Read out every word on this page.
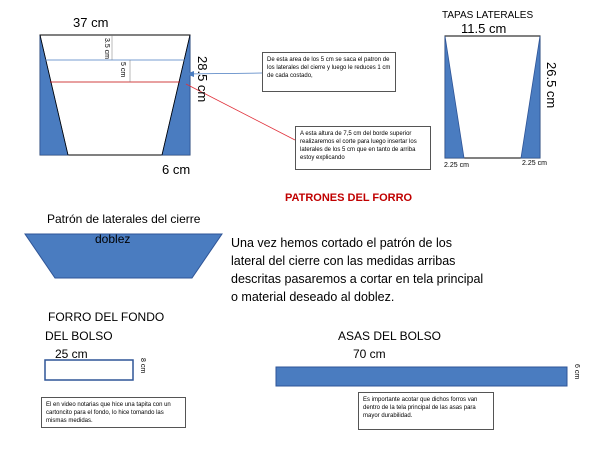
37 cm
28.5 cm
6 cm
3.5 cm
5 cm
TAPAS LATERALES
11.5 cm
26.5 cm
2.25 cm	2.25 cm
De esta area de los 5 cm se saca el patron de los laterales del cierre y luego le reduces 1 cm de cada costado,
A esta altura de 7,5 cm del borde superior realizaremos el corte para luego insertar los laterales de los 5 cm que en tanto de arriba estoy explicando
PATRONES DEL FORRO
Patrón de laterales del cierre
doblez	Una vez hemos cortado el patrón de los lateral del cierre con las medidas arribas descritas pasaremos a cortar en tela principal o material deseado al doblez.
FORRO DEL FONDO
DEL BOLSO
25 cm
8 cm
ASAS DEL BOLSO
70 cm
6 cm
El en video notarias que hice una tapita con un cartoncito para el fondo, lo hice tomando las mismas medidas.
Es importante acotar que dichos forros van dentro de la tela principal de las asas para mayor durabilidad.
